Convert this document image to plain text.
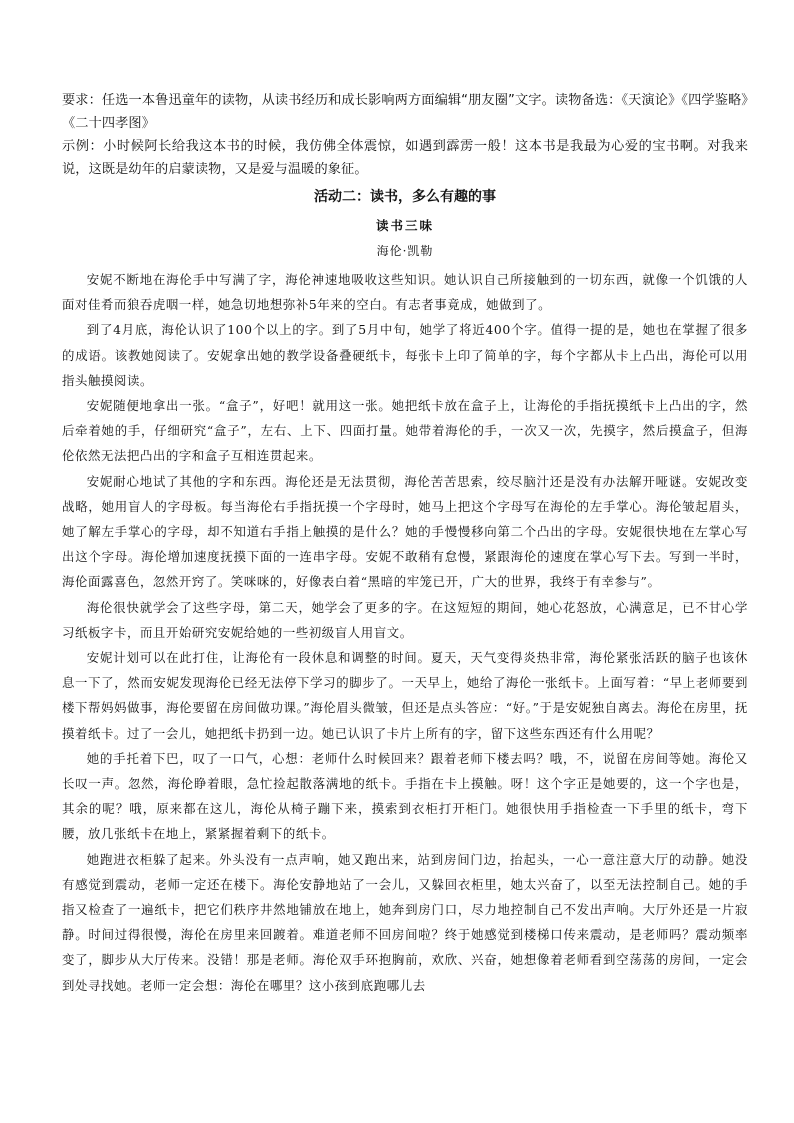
要求：任选一本鲁迅童年的读物，从读书经历和成长影响两方面编辑“朋友圈”文字。读物备选：《天演论》《四学鉴略》《二十四孝图》

示例：小时候阿长给我这本书的时候，我仿佛全体震惊，如遇到霹雳一般！这本书是我最为心爱的宝书啊。对我来说，这既是幼年的启蒙读物，又是爱与温暖的象征。

活动二：读书，多么有趣的事
读书三味
海伦·凯勒

安妮不断地在海伦手中写满了字，海伦神速地吸收这些知识。她认识自己所接触到的一切东西，就像一个饥饿的人面对佳肴而狼吞虎咽一样，她急切地想弥补5年来的空白。有志者事竟成，她做到了。

到了4月底，海伦认识了100个以上的字。到了5月中旬，她学了将近400个字。值得一提的是，她也在掌握了很多的成语。该教她阅读了。安妮拿出她的教学设备叠硬纸卡，每张卡上印了简单的字，每个字都从卡上凸出，海伦可以用指头触摸阅读。

安妮随便地拿出一张。“盒子”，好吧！就用这一张。她把纸卡放在盒子上，让海伦的手指抚摸纸卡上凸出的字，然后牵着她的手，仔细研究“盒子”，左右、上下、四面打量。她带着海伦的手，一次又一次，先摸字，然后摸盒子，但海伦依然无法把凸出的字和盒子互相连贯起来。

安妮耐心地试了其他的字和东西。海伦还是无法贯彻，海伦苦苦思索，绞尽脑汁还是没有办法解开哑谜。安妮改变战略，她用盲人的字母板。每当海伦右手指抚摸一个字母时，她马上把这个字母写在海伦的左手掌心。海伦皱起眉头，她了解左手掌心的字母，却不知道右手指上触摸的是什么？她的手慢慢移向第二个凸出的字母。安妮很快地在左掌心写出这个字母。海伦增加速度抚摸下面的一连串字母。安妮不敢稍有怠慢，紧跟海伦的速度在掌心写下去。写到一半时，海伦面露喜色，忽然开窍了。笑咪咪的，好像表白着“黑暗的牢笼已开，广大的世界，我终于有幸参与”。

海伦很快就学会了这些字母，第二天，她学会了更多的字。在这短短的期间，她心花怒放，心满意足，已不甘心学习纸板字卡，而且开始研究安妮给她的一些初级盲人用盲文。

安妮计划可以在此打住，让海伦有一段休息和调整的时间。夏天，天气变得炎热非常，海伦紧张活跃的脑子也该休息一下了，然而安妮发现海伦已经无法停下学习的脚步了。一天早上，她给了海伦一张纸卡。上面写着：“早上老师要到楼下帮妈妈做事，海伦要留在房间做功课。”海伦眉头微皱，但还是点头答应：“好。”于是安妮独自离去。海伦在房里，抚摸着纸卡。过了一会儿，她把纸卡扔到一边。她已认识了卡片上所有的字，留下这些东西还有什么用呢？

她的手托着下巴，叹了一口气，心想：老师什么时候回来？跟着老师下楼去吗？哦，不，说留在房间等她。海伦又长叹一声。忽然，海伦睁着眼，急忙捡起散落满地的纸卡。手指在卡上摸触。呀！这个字正是她要的，这一个字也是，其余的呢？哦，原来都在这儿，海伦从椅子蹦下来，摸索到衣柜打开柜门。她很快用手指检查一下手里的纸卡，弯下腰，放几张纸卡在地上，紧紧握着剩下的纸卡。

她跑进衣柜躲了起来。外头没有一点声响，她又跑出来，站到房间门边，抬起头，一心一意注意大厅的动静。她没有感觉到震动，老师一定还在楼下。海伦安静地站了一会儿，又躲回衣柜里，她太兴奋了，以至无法控制自己。她的手指又检查了一遍纸卡，把它们秩序井然地铺放在地上，她奔到房门口，尽力地控制自己不发出声响。大厅外还是一片寂静。时间过得很慢，海伦在房里来回踱着。难道老师不回房间啦？终于她感觉到楼梯口传来震动，是老师吗？震动频率变了，脚步从大厅传来。没错！那是老师。海伦双手环抱胸前，欢欣、兴奋，她想像着老师看到空荡荡的房间，一定会到处寻找她。老师一定会想：海伦在哪里？这小孩到底跑哪儿去
